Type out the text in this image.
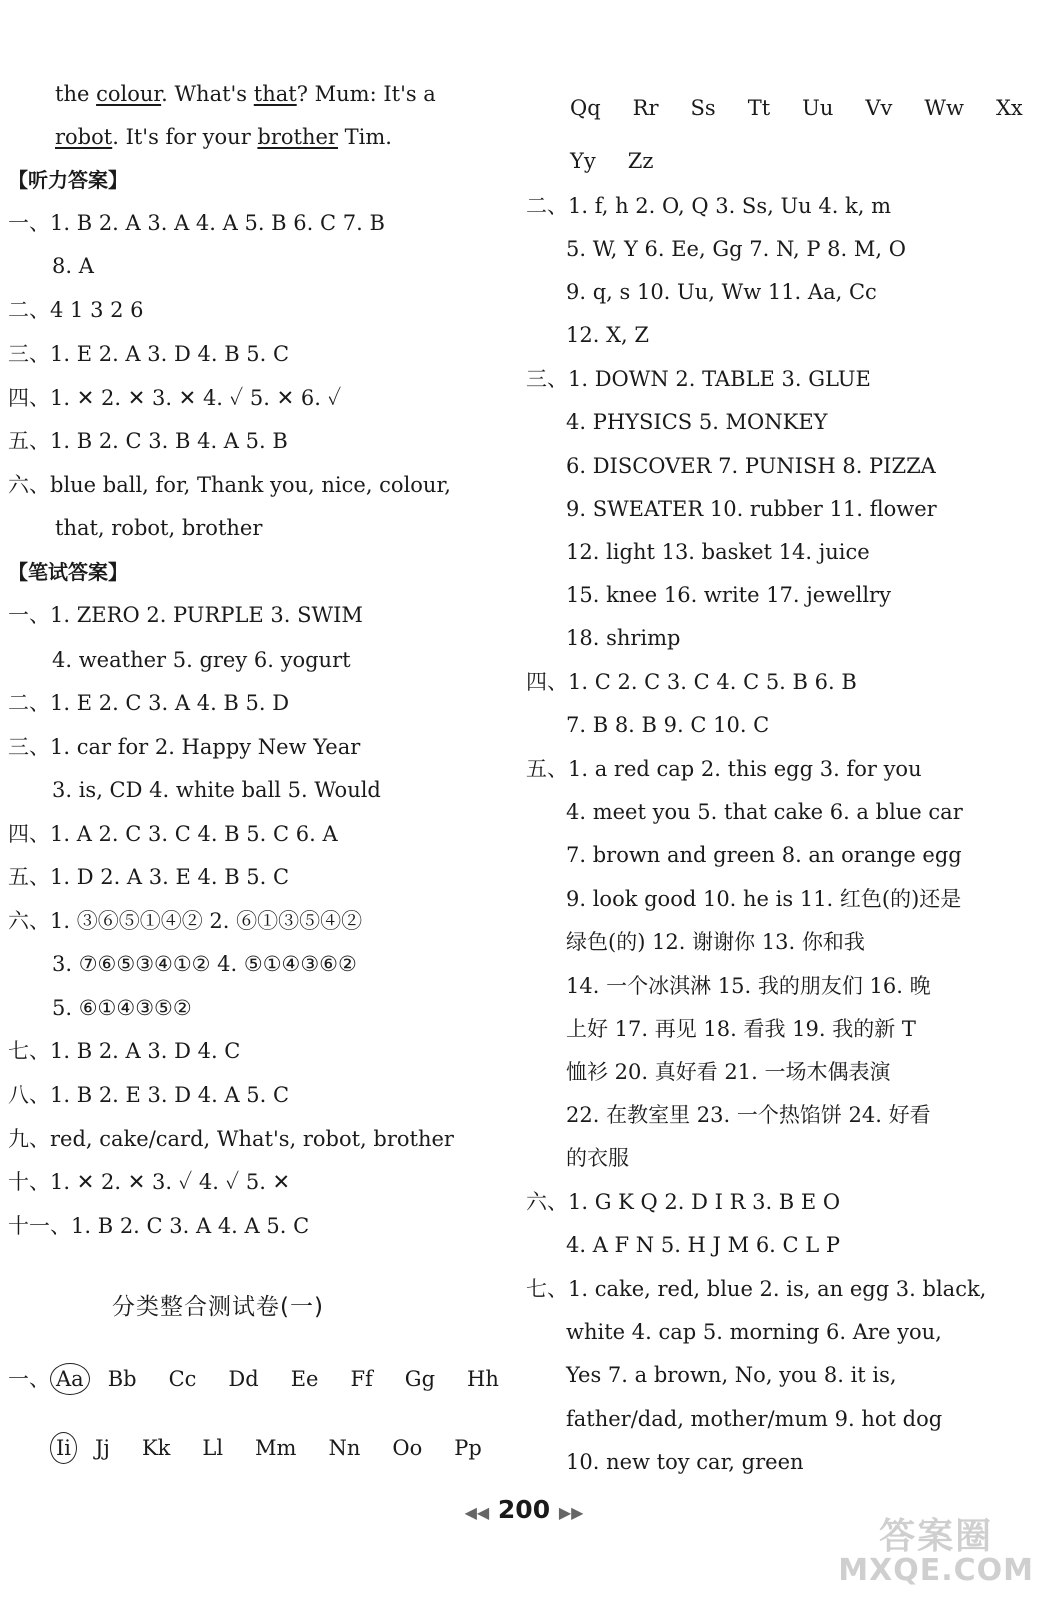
the colour. What's that? Mum: It's a
robot. It's for your brother Tim.
【听力答案】
一、1. B 2. A 3. A 4. A 5. B 6. C 7. B
8. A
二、4 1 3 2 6
三、1. E 2. A 3. D 4. B 5. C
四、1. ✕ 2. ✕ 3. ✕ 4. ✓ 5. ✕ 6. ✓
五、1. B 2. C 3. B 4. A 5. B
六、blue ball, for, Thank you, nice, colour,
that, robot, brother
【笔试答案】
一、1. ZERO 2. PURPLE 3. SWIM
4. weather 5. grey 6. yogurt
二、1. E 2. C 3. A 4. B 5. D
三、1. car for 2. Happy New Year
3. is, CD 4. white ball 5. Would
四、1. A 2. C 3. C 4. B 5. C 6. A
五、1. D 2. A 3. E 4. B 5. C
六、1. ③⑥⑤①④② 2. ⑥①③⑤④②
3. ⑦⑥⑤③④①② 4. ⑤①④③⑥②
5. ⑥①④③⑤②
七、1. B 2. A 3. D 4. C
八、1. B 2. E 3. D 4. A 5. C
九、red, cake/card, What's, robot, brother
十、1. ✕ 2. ✕ 3. ✓ 4. ✓ 5. ✕
十一、1. B 2. C 3. A 4. A 5. C
分类整合测试卷(一)
一、 Aa Bb Cc Dd Ee Ff Gg Hh
Ii Jj Kk Ll Mm Nn Oo Pp
Qq Rr Ss Tt Uu Vv Ww Xx
Yy Zz
二、1. f, h 2. O, Q 3. Ss, Uu 4. k, m
5. W, Y 6. Ee, Gg 7. N, P 8. M, O
9. q, s 10. Uu, Ww 11. Aa, Cc
12. X, Z
三、1. DOWN 2. TABLE 3. GLUE
4. PHYSICS 5. MONKEY
6. DISCOVER 7. PUNISH 8. PIZZA
9. SWEATER 10. rubber 11. flower
12. light 13. basket 14. juice
15. knee 16. write 17. jewellry
18. shrimp
四、1. C 2. C 3. C 4. C 5. B 6. B
7. B 8. B 9. C 10. C
五、1. a red cap 2. this egg 3. for you
4. meet you 5. that cake 6. a blue car
7. brown and green 8. an orange egg
9. look good 10. he is 11. 红色(的)还是
绿色(的) 12. 谢谢你 13. 你和我
14. 一个冰淇淋 15. 我的朋友们 16. 晚
上好 17. 再见 18. 看我 19. 我的新 T
恤衫 20. 真好看 21. 一场木偶表演
22. 在教室里 23. 一个热馅饼 24. 好看
的衣服
六、1. G K Q 2. D I R 3. B E O
4. A F N 5. H J M 6. C L P
七、1. cake, red, blue 2. is, an egg 3. black,
white 4. cap 5. morning 6. Are you,
Yes 7. a brown, No, you 8. it is,
father/dad, mother/mum 9. hot dog
10. new toy car, green
◀◀ 200 ▶▶
答案圈
MXQE.COM
